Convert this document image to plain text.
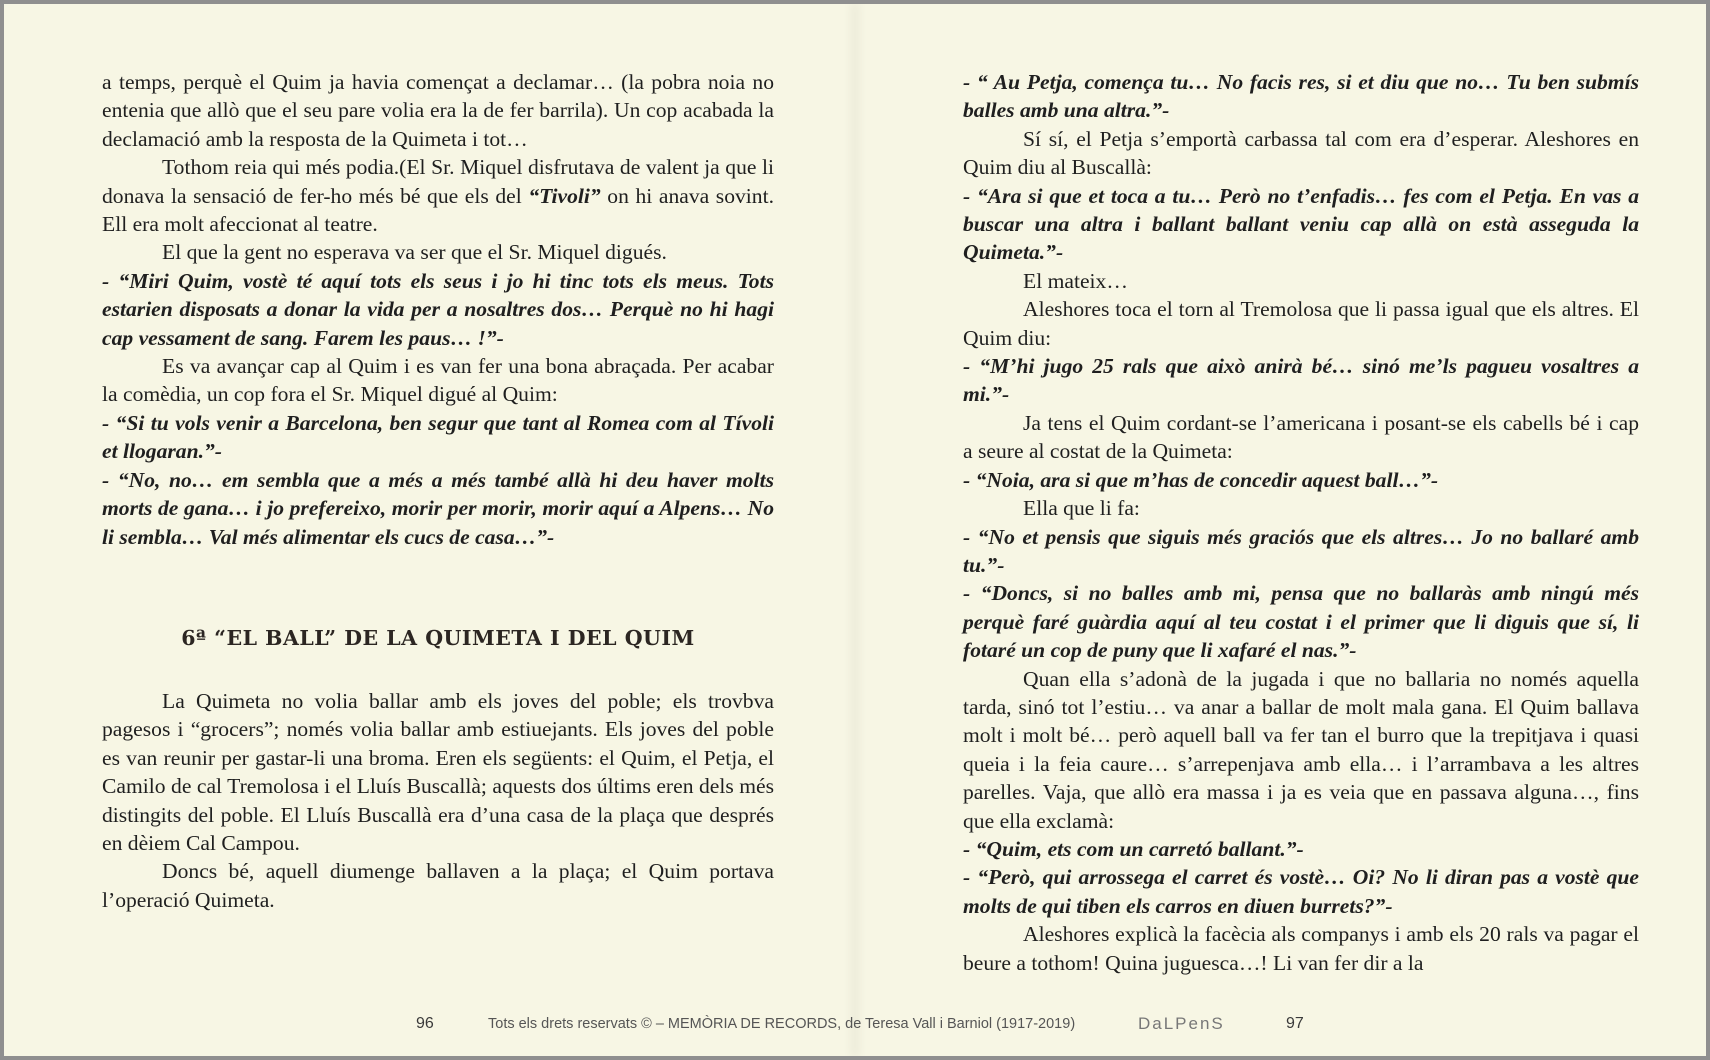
a temps, perquè el Quim ja havia començat a declamar… (la pobra noia no entenia que allò que el seu pare volia era la de fer barrila). Un cop acabada la declamació amb la resposta de la Quimeta i tot…

Tothom reia qui més podia.(El Sr. Miquel disfrutava de valent ja que li donava la sensació de fer-ho més bé que els del “Tivoli” on hi anava sovint. Ell era molt afeccionat al teatre.

El que la gent no esperava va ser que el Sr. Miquel digués.

- “Miri Quim, vostè té aquí tots els seus i jo hi tinc tots els meus. Tots estarien disposats a donar la vida per a nosaltres dos… Perquè no hi hagi cap vessament de sang. Farem les paus… !”-

Es va avançar cap al Quim i es van fer una bona abraçada. Per acabar la comèdia, un cop fora el Sr. Miquel digué al Quim:

- “Si tu vols venir a Barcelona, ben segur que tant al Romea com al Tívoli et llogaran.”-

- “No, no… em sembla que a més a més també allà hi deu haver molts morts de gana… i jo prefereixo, morir per morir, morir aquí a Alpens… No li sembla… Val més alimentar els cucs de casa…”-

6ª “EL BALL” DE LA QUIMETA I DEL QUIM

La Quimeta no volia ballar amb els joves del poble; els trovbva pagesos i “grocers”; només volia ballar amb estiuejants. Els joves del poble es van reunir per gastar-li una broma. Eren els següents: el Quim, el Petja, el Camilo de cal Tremolosa i el Lluís Buscallà; aquests dos últims eren dels més distingits del poble. El Lluís Buscallà era d’una casa de la plaça que després en dèiem Cal Campou.

Doncs bé, aquell diumenge ballaven a la plaça; el Quim portava l’operació Quimeta.

- “ Au Petja, comença tu… No facis res, si et diu que no… Tu ben submís balles amb una altra.”-

Sí sí, el Petja s’emportà carbassa tal com era d’esperar. Aleshores en Quim diu al Buscallà:

- “Ara si que et toca a tu… Però no t’enfadis… fes com el Petja. En vas a buscar una altra i ballant ballant veniu cap allà on està asseguda la Quimeta.”-

El mateix…

Aleshores toca el torn al Tremolosa que li passa igual que els altres. El Quim diu:

- “M’hi jugo 25 rals que això anirà bé… sinó me’ls pagueu vosaltres a mi.”-

Ja tens el Quim cordant-se l’americana i posant-se els cabells bé i cap a seure al costat de la Quimeta:

- “Noia, ara si que m’has de concedir aquest ball…”-

Ella que li fa:

- “No et pensis que siguis més graciós que els altres… Jo no ballaré amb tu.”-

- “Doncs, si no balles amb mi, pensa que no ballaràs amb ningú més perquè faré guàrdia aquí al teu costat i el primer que li diguis que sí, li fotaré un cop de puny que li xafaré el nas.”-

Quan ella s’adonà de la jugada i que no ballaria no només aquella tarda, sinó tot l’estiu… va anar a ballar de molt mala gana. El Quim ballava molt i molt bé… però aquell ball va fer tan el burro que la trepitjava i quasi queia i la feia caure… s’arrepenjava amb ella… i l’arrambava a les altres parelles. Vaja, que allò era massa i ja es veia que en passava alguna…, fins que ella exclamà:

- “Quim, ets com un carretó ballant.”-

- “Però, qui arrossega el carret és vostè… Oi? No li diran pas a vostè que molts de qui tiben els carros en diuen burrets?”-

Aleshores explicà la facècia als companys i amb els 20 rals va pagar el beure a tothom! Quina juguesca…! Li van fer dir a la

96	Tots els drets reservats © – MEMÒRIA DE RECORDS, de Teresa Vall i Barniol (1917-2019)	DaLPenS	97
